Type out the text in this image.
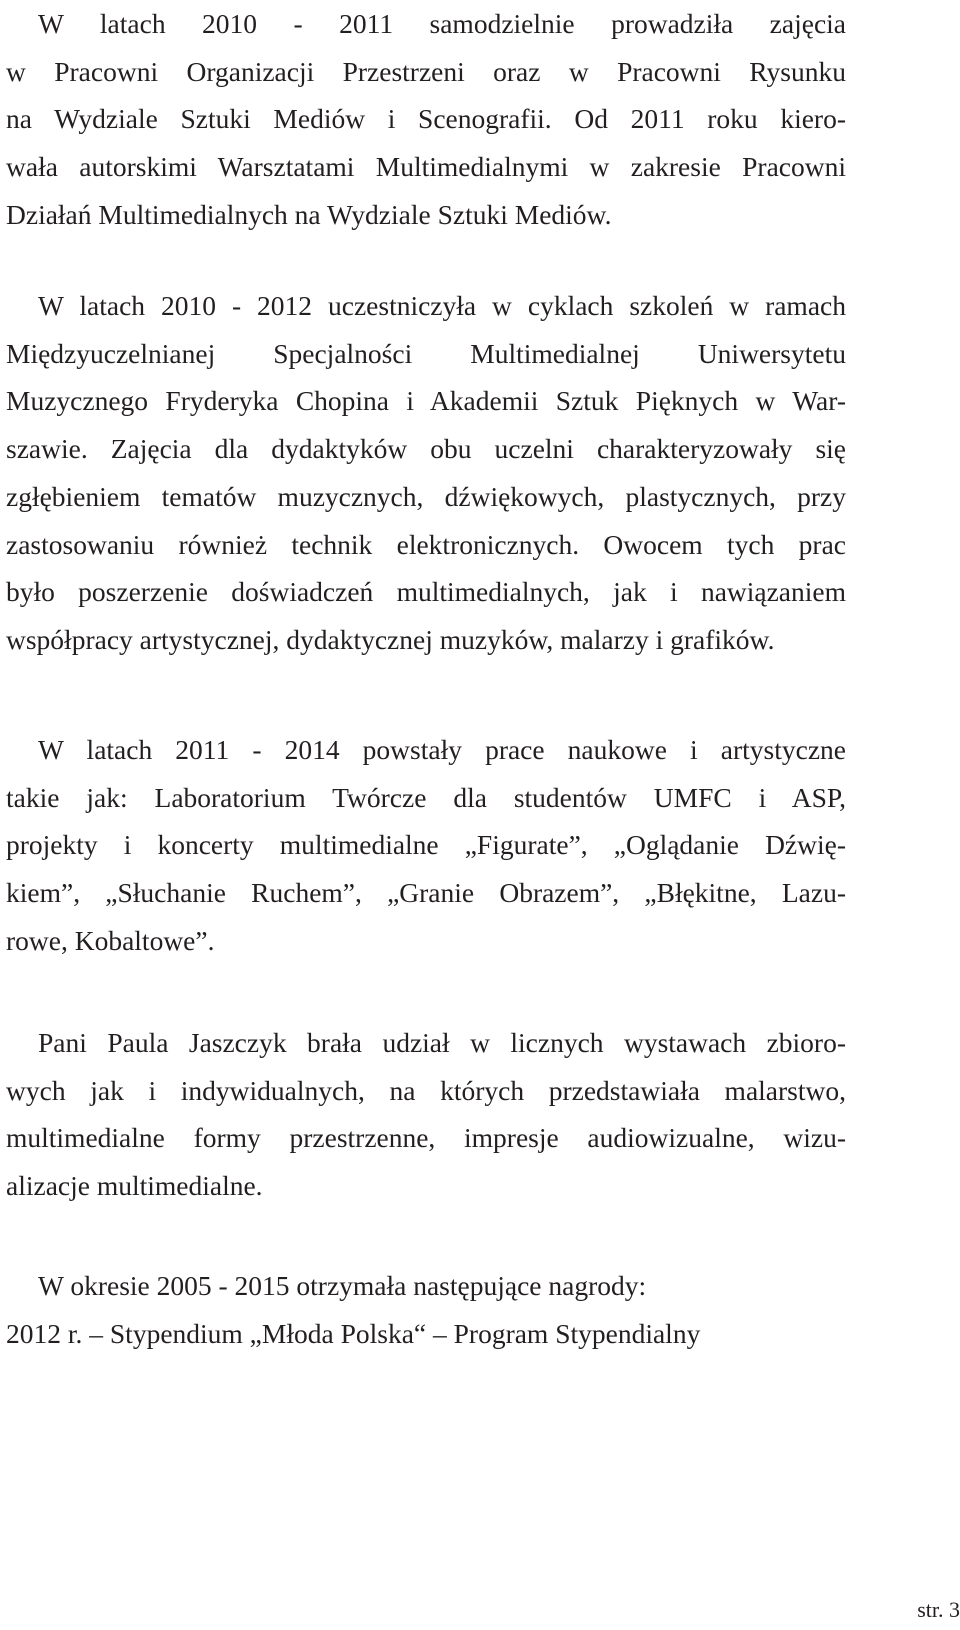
W latach 2010 - 2011 samodzielnie prowadziła zajęcia
w Pracowni Organizacji Przestrzeni oraz w Pracowni Rysunku
na Wydziale Sztuki Mediów i Scenografii. Od 2011 roku kiero-
wała autorskimi Warsztatami Multimedialnymi w zakresie Pracowni
Działań Multimedialnych na Wydziale Sztuki Mediów.

W latach 2010 - 2012 uczestniczyła w cyklach szkoleń w ramach
Międzyuczelnianej Specjalności Multimedialnej Uniwersytetu
Muzycznego Fryderyka Chopina i Akademii Sztuk Pięknych w War-
szawie. Zajęcia dla dydaktyków obu uczelni charakteryzowały się
zgłębieniem tematów muzycznych, dźwiękowych, plastycznych, przy
zastosowaniu również technik elektronicznych. Owocem tych prac
było poszerzenie doświadczeń multimedialnych, jak i nawiązaniem
współpracy artystycznej, dydaktycznej muzyków, malarzy i grafików.

W latach 2011 - 2014 powstały prace naukowe i artystyczne
takie jak: Laboratorium Twórcze dla studentów UMFC i ASP,
projekty i koncerty multimedialne „Figurate”, „Oglądanie Dźwię-
kiem”, „Słuchanie Ruchem”, „Granie Obrazem”, „Błękitne, Lazu-
rowe, Kobaltowe”.

Pani Paula Jaszczyk brała udział w licznych wystawach zbioro-
wych jak i indywidualnych, na których przedstawiała malarstwo,
multimedialne formy przestrzenne, impresje audiowizualne, wizu-
alizacje multimedialne.

W okresie 2005 - 2015 otrzymała następujące nagrody:
2012 r. – Stypendium „Młoda Polska“ – Program Stypendialny

str. 3
